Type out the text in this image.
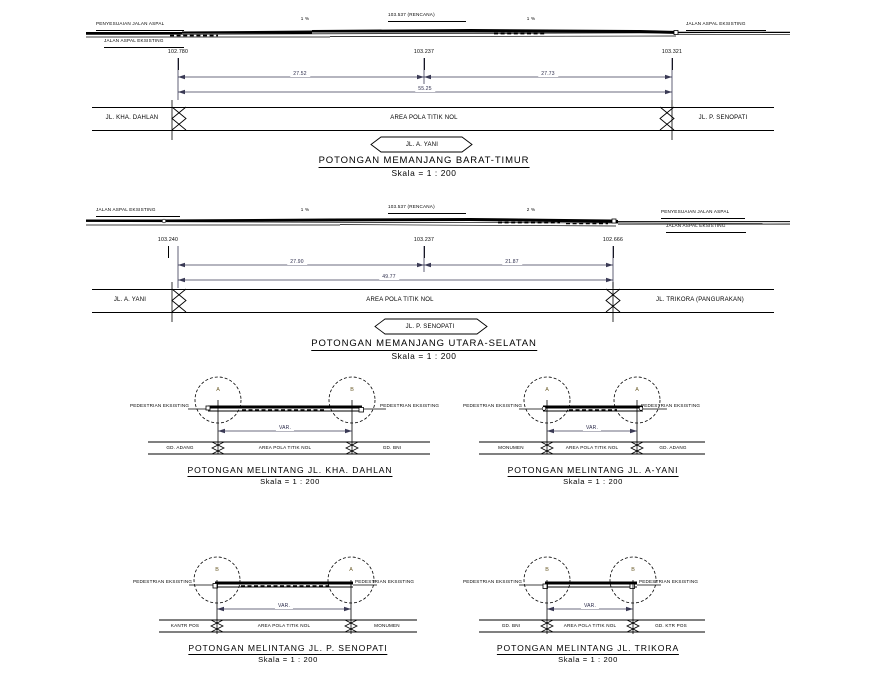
PENYESUAIAN JALAN ASPAL
JALAN ASPAL EKSISTING
103.537 (RENCANA)
JALAN ASPAL EKSISTING
1 %	1 %
102.780	103.237	103.321
27.52	27.73
55.25
JL. KHA. DAHLAN	AREA POLA TITIK NOL	JL. P. SENOPATI
JL. A. YANI
POTONGAN MEMANJANG BARAT-TIMUR
Skala = 1 : 200
JALAN ASPAL EKSISTING
103.537 (RENCANA)
PENYESUAIAN JALAN ASPAL
JALAN ASPAL EKSISTING
1 %	2 %
103.240	103.237	102.666
27.90	21.87
49.77
JL. A. YANI	AREA POLA TITIK NOL	JL. TRIKORA (PANGURAKAN)
JL. P. SENOPATI
POTONGAN MEMANJANG UTARA-SELATAN
Skala = 1 : 200
A	B
PEDESTRIAN EKSISTING	PEDESTRIAN EKSISTING
VAR.
GD. ADANG	AREA POLA TITIK NOL	GD. BNI
POTONGAN MELINTANG JL. KHA. DAHLAN
Skala = 1 : 200
A	A
PEDESTRIAN EKSISTING	PEDESTRIAN EKSISTING
VAR.
MONUMEN	AREA POLA TITIK NOL	GD. ADANG
POTONGAN MELINTANG JL. A-YANI
Skala = 1 : 200
B	A
PEDESTRIAN EKSISTING	PEDESTRIAN EKSISTING
VAR.
KANTR POS	AREA POLA TITIK NOL	MONUMEN
POTONGAN MELINTANG JL. P. SENOPATI
Skala = 1 : 200
B	B
PEDESTRIAN EKSISTING	PEDESTRIAN EKSISTING
VAR.
GD. BNI	AREA POLA TITIK NOL	GD. KTR POS
POTONGAN MELINTANG JL. TRIKORA
Skala = 1 : 200
